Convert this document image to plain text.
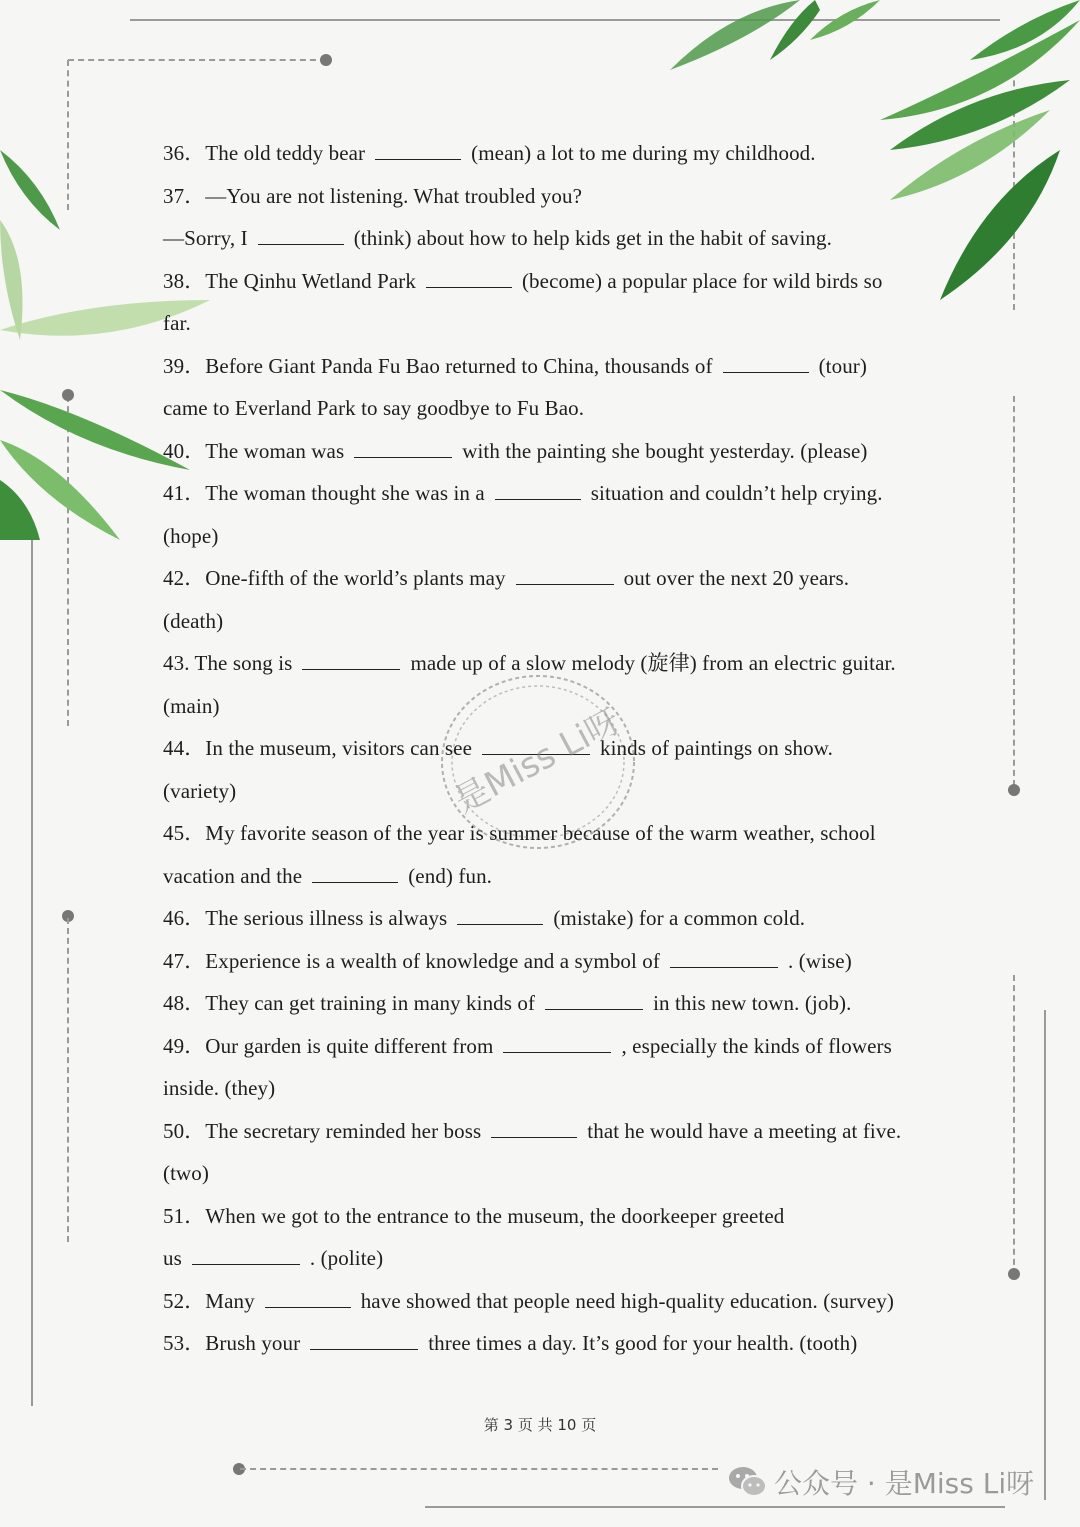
36．The old teddy bear	(mean) a lot to me during my childhood.
37．—You are not listening. What troubled you?
—Sorry, I	(think) about how to help kids get in the habit of saving.
38．The Qinhu Wetland Park	(become) a popular place for wild birds so
far.
39．Before Giant Panda Fu Bao returned to China, thousands of	(tour)
came to Everland Park to say goodbye to Fu Bao.
40．The woman was	with the painting she bought yesterday. (please)
41．The woman thought she was in a	situation and couldn’t help crying.
(hope)
42．One-fifth of the world’s plants may	out over the next 20 years.
(death)
43. The song is	made up of a slow melody (旋律) from an electric guitar.
(main)
44．In the museum, visitors can see	kinds of paintings on show.
(variety)
45．My favorite season of the year is summer because of the warm weather, school
vacation and the	(end) fun.
46．The serious illness is always	(mistake) for a common cold.
47．Experience is a wealth of knowledge and a symbol of	. (wise)
48．They can get training in many kinds of	in this new town. (job).
49．Our garden is quite different from	, especially the kinds of flowers
inside. (they)
50．The secretary reminded her boss	that he would have a meeting at five.
(two)
51．When we got to the entrance to the museum, the doorkeeper greeted
us	. (polite)
52．Many	have showed that people need high-quality education. (survey)
53．Brush your	three times a day. It’s good for your health. (tooth)
是Miss Li呀
第 3 页 共 10 页
公众号 · 是Miss Li呀
